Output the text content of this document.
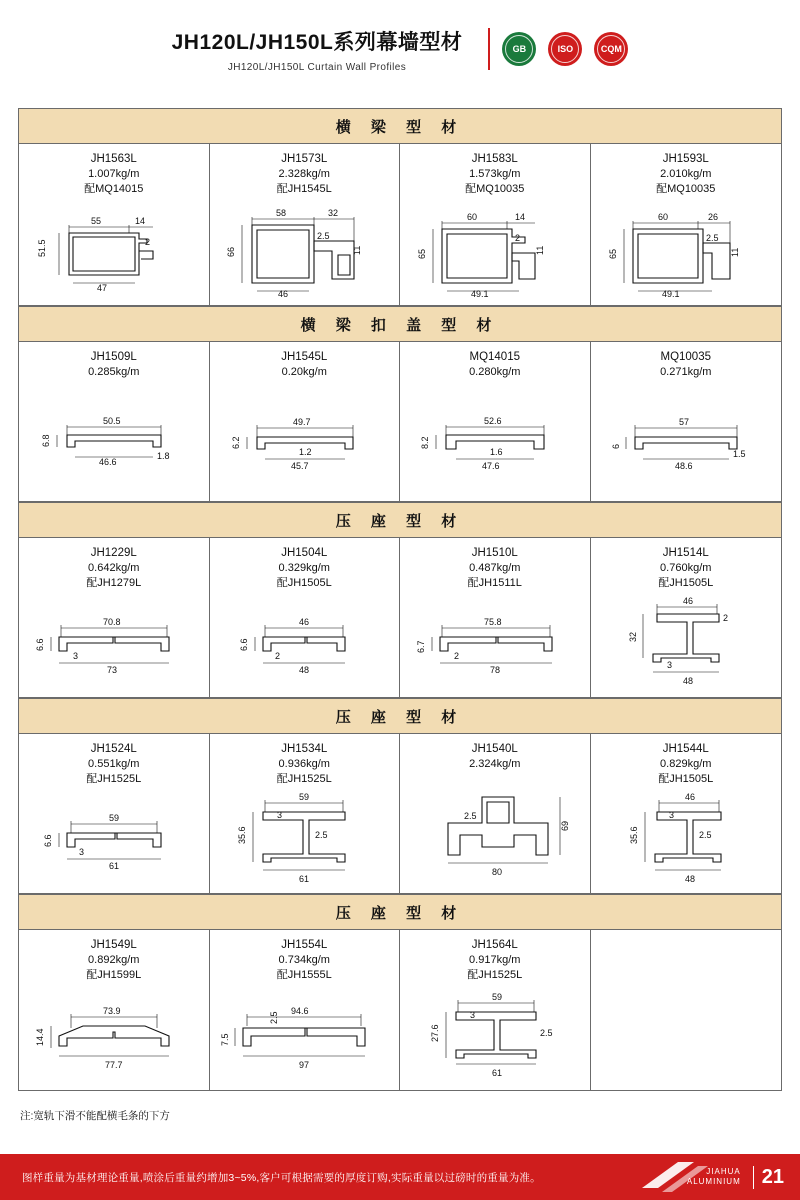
JH120L/JH150L系列幕墙型材
JH120L/JH150L Curtain Wall Profiles
GB	ISO	CQM
横 梁 型 材
JH1563L
1.007kg/m
配MQ14015
55	14
2
51.5
47
JH1573L
2.328kg/m
配JH1545L
58	32
2.5
11
66
46
JH1583L
1.573kg/m
配MQ10035
60	14
2
11
65
49.1
JH1593L
2.010kg/m
配MQ10035
60	26
2.5
11
65
49.1
横 梁 扣 盖 型 材
JH1509L
0.285kg/m
50.5
6.8
46.6
1.8
JH1545L
0.20kg/m
49.7
6.2
1.2
45.7
MQ14015
0.280kg/m
52.6
8.2
1.6
47.6
MQ10035
0.271kg/m
57
6
1.5
48.6
压 座 型 材
JH1229L
0.642kg/m
配JH1279L
70.8
6.6
3
73
JH1504L
0.329kg/m
配JH1505L
46
6.6
2
48
JH1510L
0.487kg/m
配JH1511L
75.8
6.7
2
78
JH1514L
0.760kg/m
配JH1505L
46
2
32
3
48
压 座 型 材
JH1524L
0.551kg/m
配JH1525L
59
6.6
3
61
JH1534L
0.936kg/m
配JH1525L
59
3
2.5
35.6
61
JH1540L
2.324kg/m
2.5
69
80
JH1544L
0.829kg/m
配JH1505L
46
3
2.5
35.6
48
压 座 型 材
JH1549L
0.892kg/m
配JH1599L
73.9
14.4
77.7
JH1554L
0.734kg/m
配JH1555L
94.6
7.5
2.5
97
JH1564L
0.917kg/m
配JH1525L
59
3
2.5
27.6
61
注:宽轨下滑不能配横毛条的下方
图样重量为基材理论重量,喷涂后重量约增加3~5%,客户可根据需要的厚度订购,实际重量以过磅时的重量为准。	JIAHUA
ALUMINIUM	21
